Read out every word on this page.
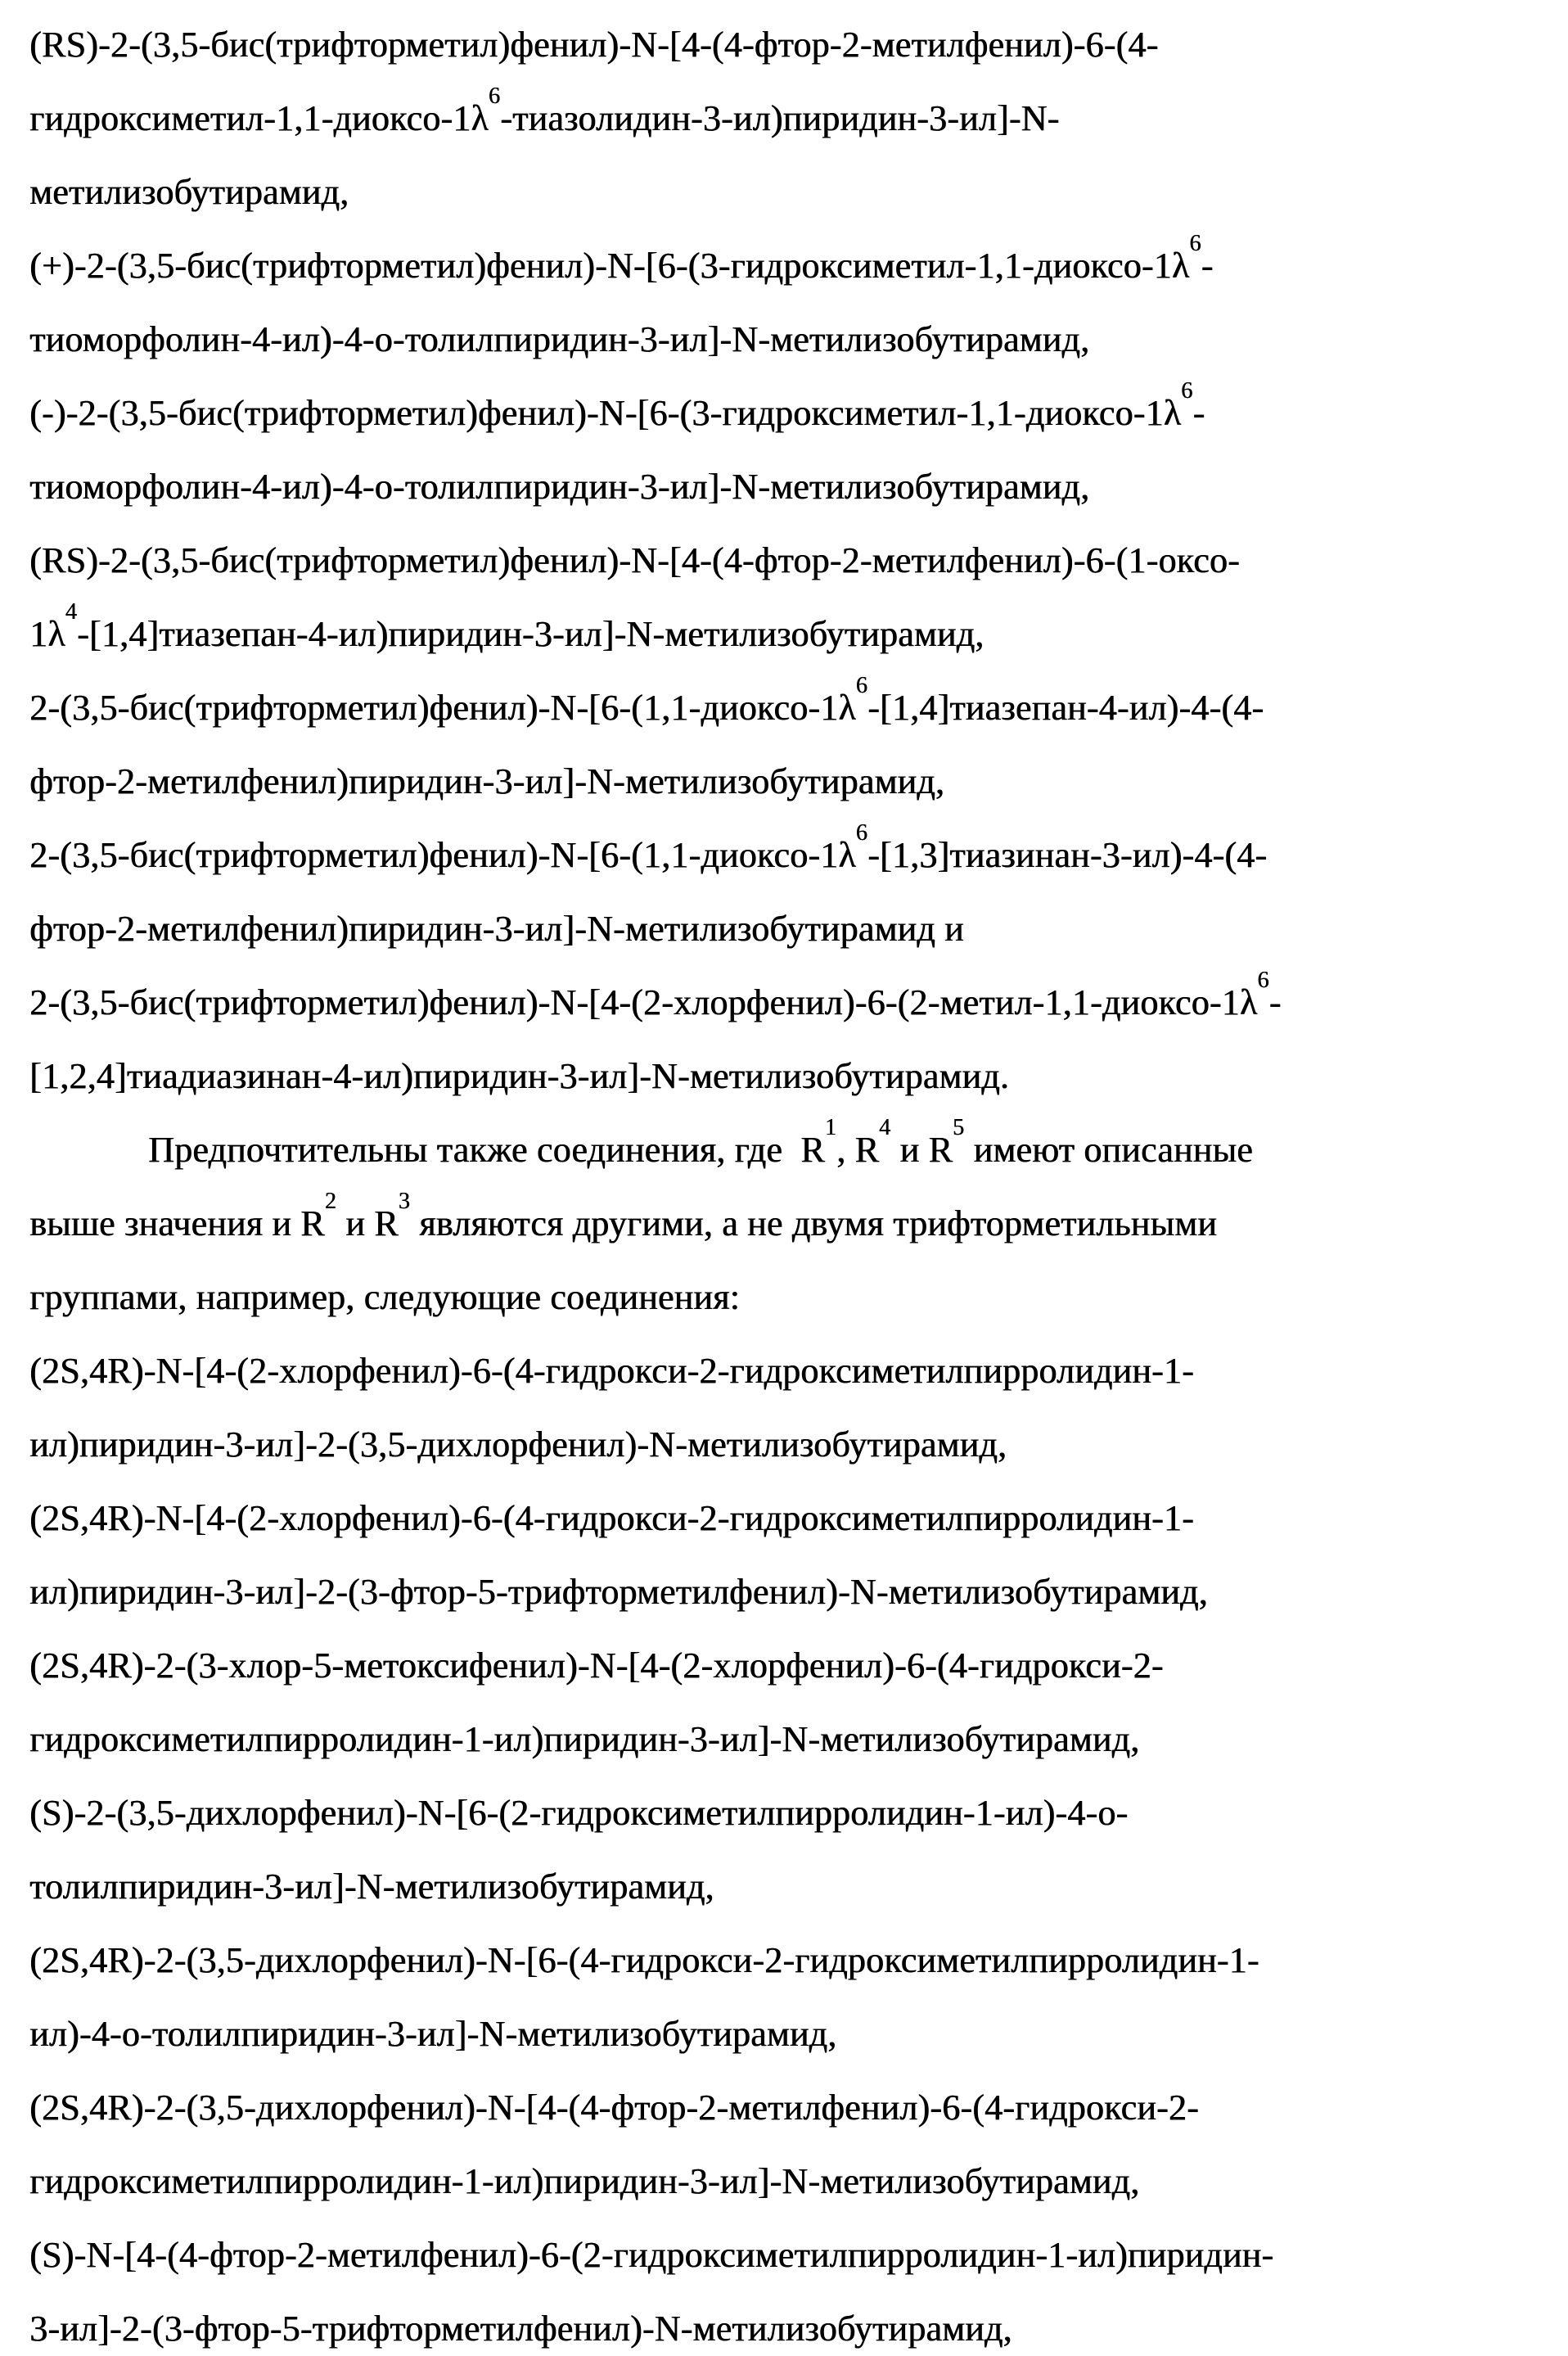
(RS)-2-(3,5-бис(трифторметил)фенил)-N-[4-(4-фтор-2-метилфенил)-6-(4-
гидроксиметил-$1,1-диоксо-1\lambda^6-тиазолидин-3-ил)пиридин-3-ил]-N-$
метилизобутирамид,
$(+)-2-(3,5-бис(трифторметил)фенил)-N-[6-(3-гидроксиметил-1,1-диоксо-1\lambda^6-$
тиоморфолин-4-ил)-4-о-толилпиридин-3-ил]-N-метилизобутирамид,
$(-)-2-(3,5-бис(трифторметил)фенил)-N-[6-(3-гидроксиметил-1,1-диоксо-1\lambda^6-$
тиоморфолин-4-ил)-4-о-толилпиридин-3-ил]-N-метилизобутирамид,
(RS)-2-(3,5-бис(трифторметил)фенил)-N-[4-(4-фтор-2-метилфенил)-6-(1-оксо-
$1\lambda^4-[1,4]тиазепан-4-ил)пиридин-3-ил]-N$-метилизобутирамид,
$2-(3,5-бис(трифторметил)фенил)-N-[6-(1,1-диоксо-1\lambda^6-[1,4]тиазепан-4-ил)-4-(4-$
фтор-2-метилфенил)пиридин-3-ил]-N-метилизобутирамид,
$2-(3,5-бис(трифторметил)фенил)-N-[6-(1,1-диоксо-1\lambda^6-[1,3]тиазинан-3-ил)-4-(4-$
фтор-2-метилфенил)пиридин-3-ил]-N-метилизобутирамид и
$2-(3,5-бис(трифторметил)фенил)-N-[4-(2-хлорфенил)-6-(2-метил-1,1-диоксо-1\lambda^6-$
[1,2,4]тиадиазинан-4-ил)пиридин-3-ил]-N-метилизобутирамид.
Предпочтительны также соединения, где  $R^1$, $R^4$ и $R^5$ имеют описанные
выше значения и $R^2$ и $R^3$ являются другими, а не двумя трифторметильными
группами, например, следующие соединения:
(2S,4R)-N-[4-(2-хлорфенил)-6-(4-гидрокси-2-гидроксиметилпирролидин-1-
ил)пиридин-3-ил]-2-(3,5-дихлорфенил)-N-метилизобутирамид,
(2S,4R)-N-[4-(2-хлорфенил)-6-(4-гидрокси-2-гидроксиметилпирролидин-1-
ил)пиридин-3-ил]-2-(3-фтор-5-трифторметилфенил)-N-метилизобутирамид,
(2S,4R)-2-(3-хлор-5-метоксифенил)-N-[4-(2-хлорфенил)-6-(4-гидрокси-2-
гидроксиметилпирролидин-1-ил)пиридин-3-ил]-N-метилизобутирамид,
(S)-2-(3,5-дихлорфенил)-N-[6-(2-гидроксиметилпирролидин-1-ил)-4-о-
толилпиридин-3-ил]-N-метилизобутирамид,
(2S,4R)-2-(3,5-дихлорфенил)-N-[6-(4-гидрокси-2-гидроксиметилпирролидин-1-
ил)-4-о-толилпиридин-3-ил]-N-метилизобутирамид,
(2S,4R)-2-(3,5-дихлорфенил)-N-[4-(4-фтор-2-метилфенил)-6-(4-гидрокси-2-
гидроксиметилпирролидин-1-ил)пиридин-3-ил]-N-метилизобутирамид,
(S)-N-[4-(4-фтор-2-метилфенил)-6-(2-гидроксиметилпирролидин-1-ил)пиридин-
3-ил]-2-(3-фтор-5-трифторметилфенил)-N-метилизобутирамид,
